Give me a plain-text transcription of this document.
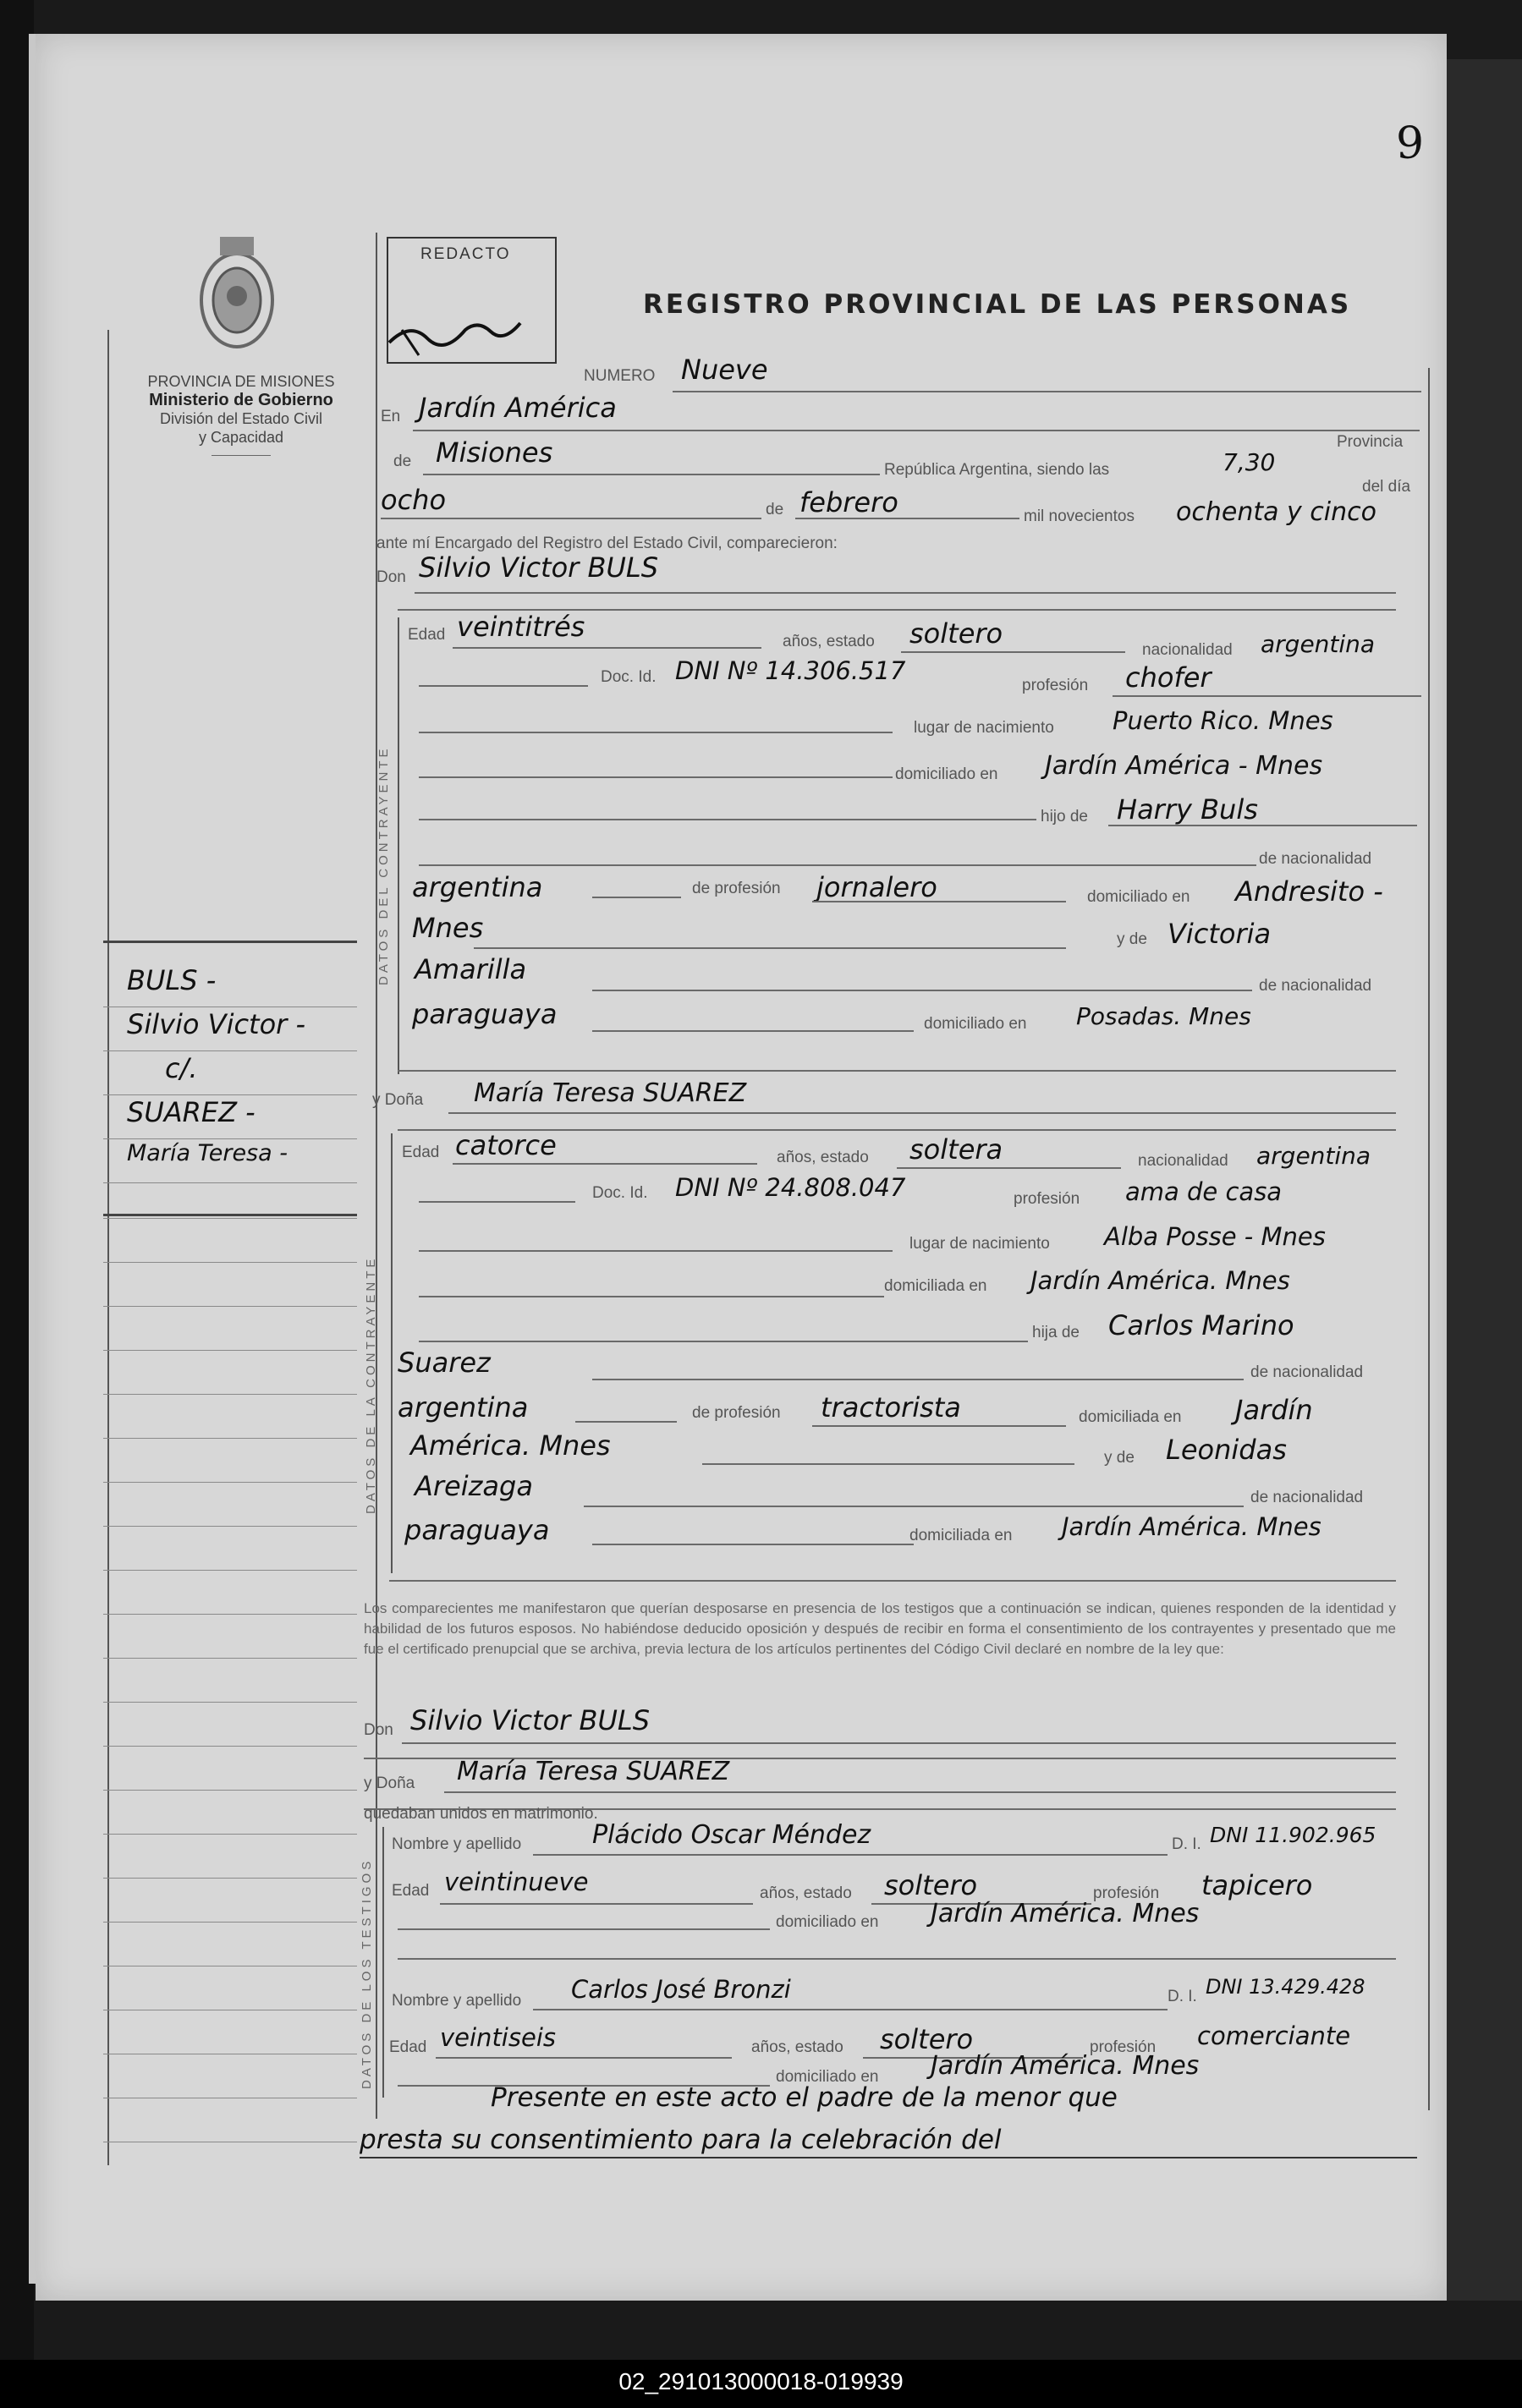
9
PROVINCIA DE MISIONES
Ministerio de Gobierno
División del Estado Civil
y Capacidad
REDACTO
REGISTRO PROVINCIAL DE LAS PERSONAS
BULS -
Silvio Victor -
c/.
SUAREZ -
María Teresa -
NUMERO Nueve
En Jardín América
Provincia
de Misiones
República Argentina, siendo las	7,30
del día
ocho	de febrero	mil novecientos ochenta y cinco
ante mí Encargado del Registro del Estado Civil, comparecieron:
Don Silvio Victor BULS
DATOS DEL CONTRAYENTE
Edad veintitrés	años, estado soltero
nacionalidad argentina
Doc. Id. DNI Nº 14.306.517
profesión chofer
lugar de nacimiento Puerto Rico. Mnes
domiciliado en Jardín América - Mnes
hijo de Harry Buls
de nacionalidad
argentina	de profesión jornalero	domiciliado en Andresito -
Mnes	y de Victoria
Amarilla
de nacionalidad
paraguaya	domiciliado en Posadas. Mnes
y Doña María Teresa SUAREZ
DATOS DE LA CONTRAYENTE
Edad catorce	años, estado soltera	nacionalidad argentina
Doc. Id. DNI Nº 24.808.047	profesión ama de casa
lugar de nacimiento Alba Posse - Mnes
domiciliada en Jardín América. Mnes
hija de Carlos Marino
Suarez	de nacionalidad
argentina	de profesión tractorista	domiciliada en Jardín
América. Mnes	y de Leonidas
Areizaga	de nacionalidad
paraguaya	domiciliada en Jardín América. Mnes
Los comparecientes me manifestaron que querían desposarse en presencia de los testigos que a continuación se indican, quienes responden de la identidad y habilidad de los futuros esposos. No habiéndose deducido oposición y después de recibir en forma el consentimiento de los contrayentes y presentado que me fue el certificado prenupcial que se archiva, previa lectura de los artículos pertinentes del Código Civil declaré en nombre de la ley que:
Don Silvio Victor BULS
y Doña María Teresa SUAREZ
quedaban unidos en matrimonio.
DATOS DE LOS TESTIGOS
Nombre y apellido	Plácido Oscar Méndez	D. I. DNI 11.902.965
Edad veintinueve	años, estado soltero	profesión tapicero
domiciliado en Jardín América. Mnes
Nombre y apellido Carlos José Bronzi	D. I. DNI 13.429.428
Edad veintiseis	años, estado soltero	profesión comerciante
domiciliado en Jardín América. Mnes
Presente en este acto el padre de la menor que
presta su consentimiento para la celebración del
02_291013000018-019939
